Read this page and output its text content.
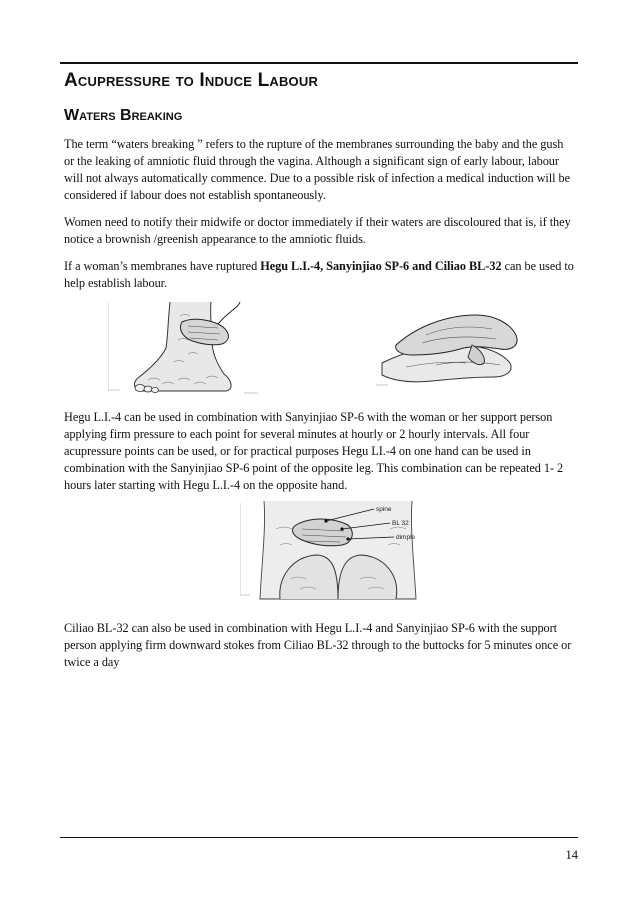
Acupressure to Induce Labour
Waters Breaking

The term “waters breaking ” refers to the rupture of the membranes surrounding the baby and the gush or the leaking of amniotic fluid through the vagina. Although a significant sign of early labour, labour will not always automatically commence. Due to a possible risk of infection a medical induction will be considered if labour does not establish spontaneously.

Women need to notify their midwife or doctor immediately if their waters are discoloured that is, if they notice a brownish /greenish appearance to the amniotic fluids.

If a woman’s membranes have ruptured Hegu L.I.-4, Sanyinjiao SP-6 and Ciliao BL-32 can be used to help establish labour.

Hegu L.I.-4 can be used in combination with Sanyinjiao SP-6 with the woman or her support person applying firm pressure to each point for several minutes at hourly or 2 hourly intervals. All four acupressure points can be used, or for practical purposes Hegu LI.-4 on one hand can be used in combination with the Sanyinjiao SP-6 point of the opposite leg. This combination can be repeated 1- 2 hours later starting with Hegu L.I.-4 on the opposite hand.

spine
BL 32
dimple

Ciliao BL-32 can also be used in combination with Hegu L.I.-4 and Sanyinjiao SP-6 with the support person applying firm downward stokes from Ciliao BL-32 through to the buttocks for 5 minutes once or twice a day

14
